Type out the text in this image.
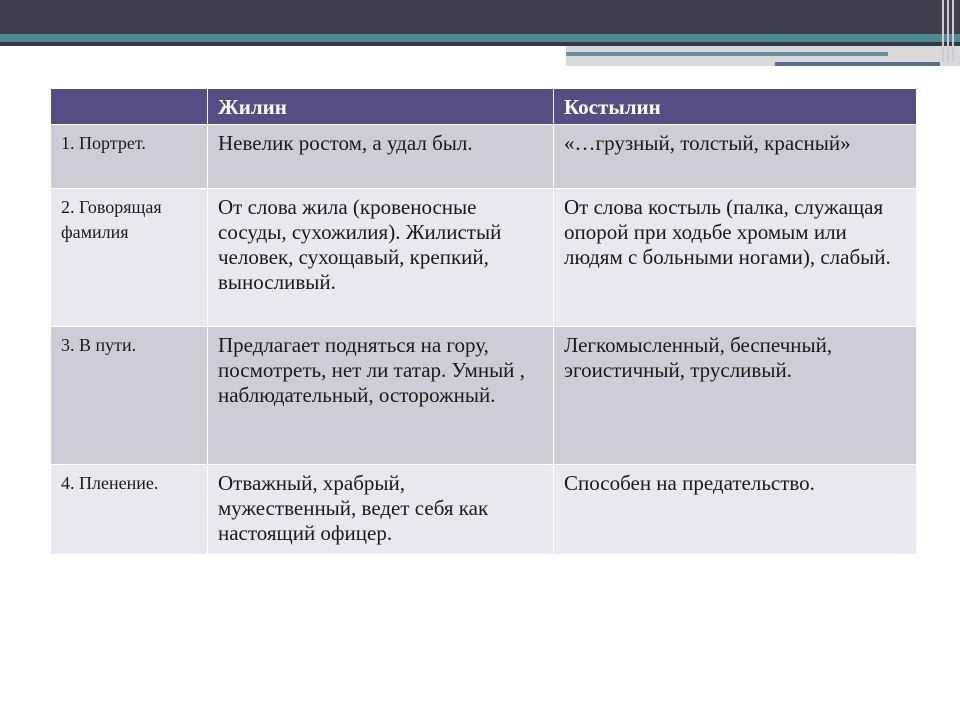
	Жилин	Костылин
1. Портрет.	Невелик ростом, а удал был.	«…грузный, толстый, красный»
2. Говорящая фамилия	От слова жила (кровеносные сосуды, сухожилия). Жилистый человек, сухощавый, крепкий, выносливый.	От слова костыль (палка, служащая опорой при ходьбе хромым или людям с больными ногами), слабый.
3. В пути.	Предлагает подняться на гору, посмотреть, нет ли татар. Умный , наблюдательный, осторожный.	Легкомысленный, беспечный, эгоистичный, трусливый.
4. Пленение.	Отважный, храбрый, мужественный, ведет себя как настоящий офицер.	Способен на предательство.
